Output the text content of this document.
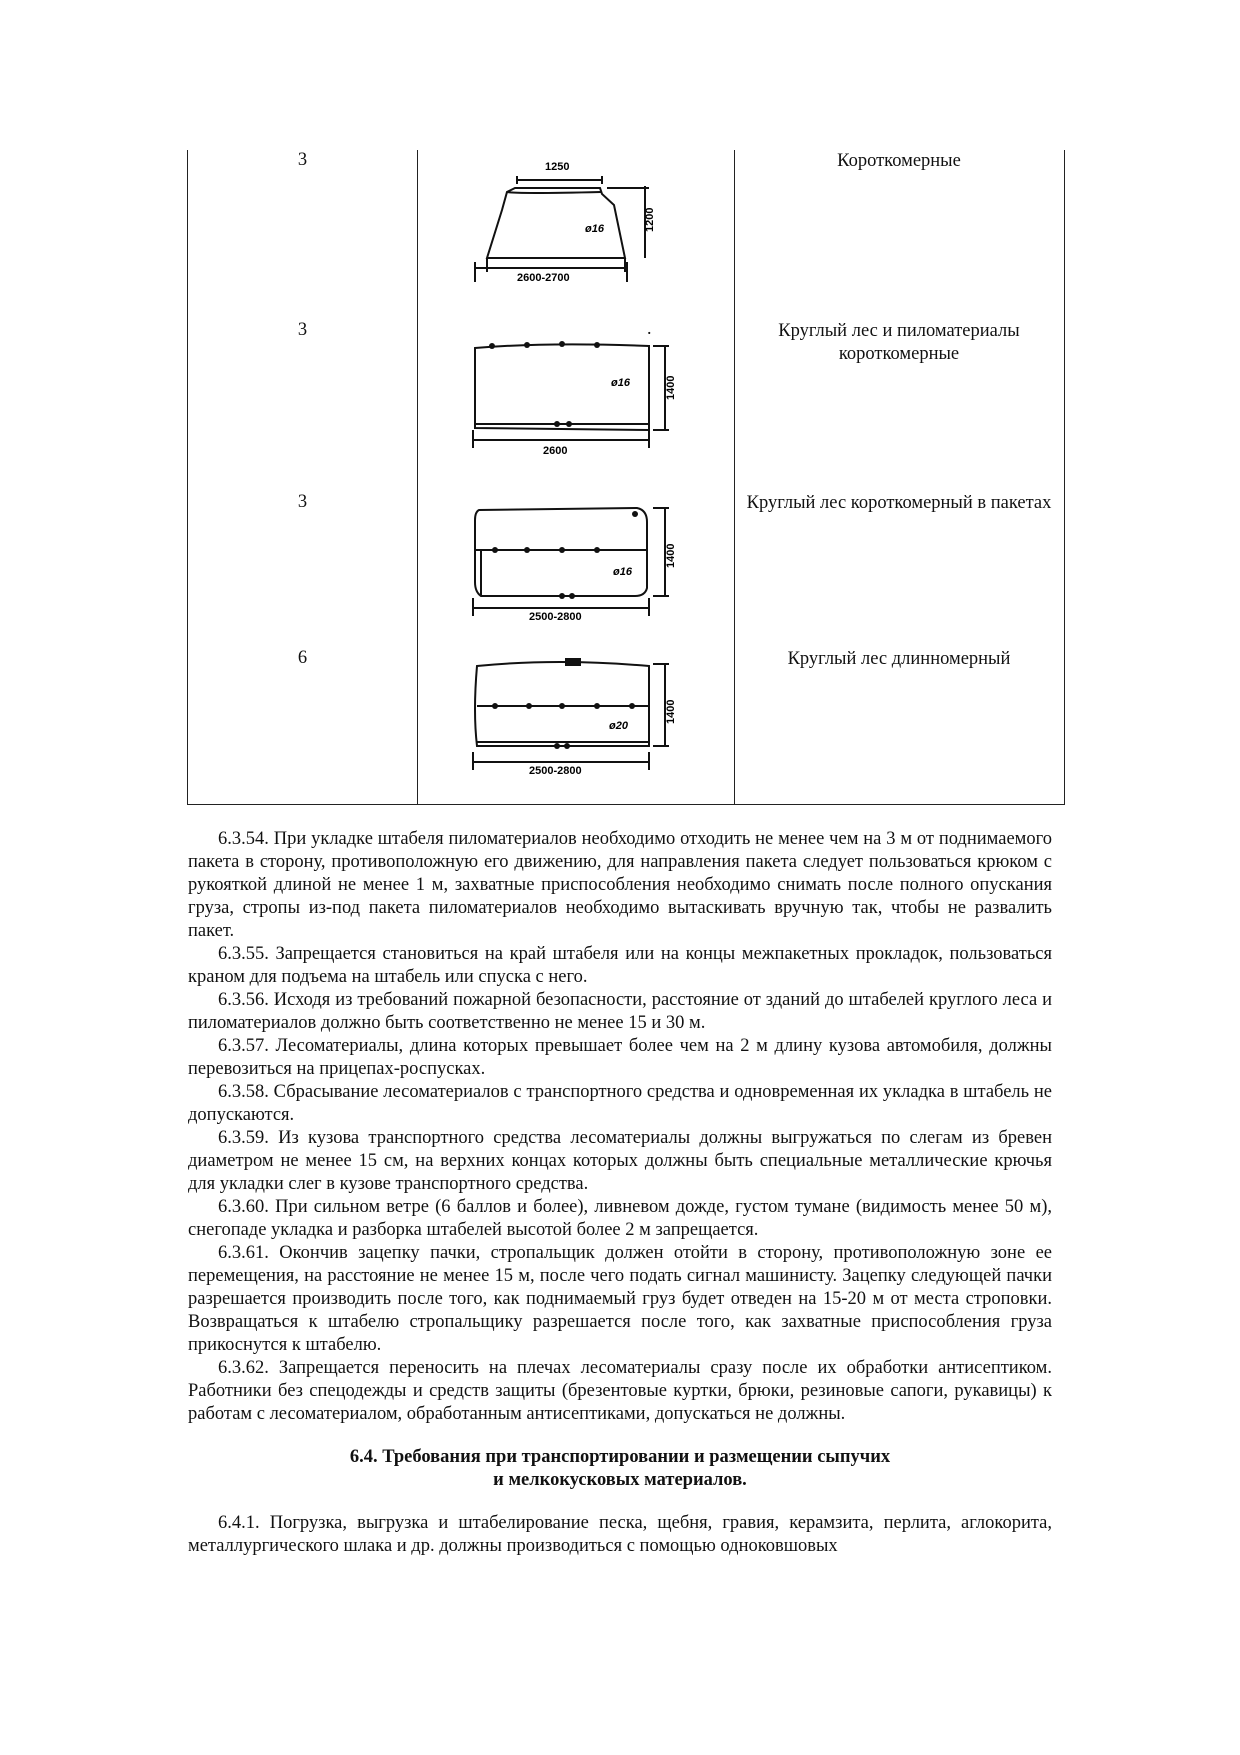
3	Короткомерные
1250
1200
ø16
2600-2700
3	Круглый лес и пиломатериалы короткомерные
.
1400
ø16
2600
3	Круглый лес короткомерный в пакетах
1400
ø16
2500-2800
6	Круглый лес длинномерный
1400
ø20
2500-2800

6.3.54. При укладке штабеля пиломатериалов необходимо отходить не менее чем на 3 м от поднимаемого пакета в сторону, противоположную его движению, для направления пакета следует пользоваться крюком с рукояткой длиной не менее 1 м, захватные приспособления необходимо снимать после полного опускания груза, стропы из-под пакета пиломатериалов необходимо вытаскивать вручную так, чтобы не развалить пакет.

6.3.55. Запрещается становиться на край штабеля или на концы межпакетных прокладок, пользоваться краном для подъема на штабель или спуска с него.

6.3.56. Исходя из требований пожарной безопасности, расстояние от зданий до штабелей круглого леса и пиломатериалов должно быть соответственно не менее 15 и 30 м.

6.3.57. Лесоматериалы, длина которых превышает более чем на 2 м длину кузова автомобиля, должны перевозиться на прицепах-роспусках.

6.3.58. Сбрасывание лесоматериалов с транспортного средства и одновременная их укладка в штабель не допускаются.

6.3.59. Из кузова транспортного средства лесоматериалы должны выгружаться по слегам из бревен диаметром не менее 15 см, на верхних концах которых должны быть специальные металлические крючья для укладки слег в кузове транспортного средства.

6.3.60. При сильном ветре (6 баллов и более), ливневом дожде, густом тумане (видимость менее 50 м), снегопаде укладка и разборка штабелей высотой более 2 м запрещается.

6.3.61. Окончив зацепку пачки, стропальщик должен отойти в сторону, противоположную зоне ее перемещения, на расстояние не менее 15 м, после чего подать сигнал машинисту. Зацепку следующей пачки разрешается производить после того, как поднимаемый груз будет отведен на 15-20 м от места строповки. Возвращаться к штабелю стропальщику разрешается после того, как захватные приспособления груза прикоснутся к штабелю.

6.3.62. Запрещается переносить на плечах лесоматериалы сразу после их обработки антисептиком. Работники без спецодежды и средств защиты (брезентовые куртки, брюки, резиновые сапоги, рукавицы) к работам с лесоматериалом, обработанным антисептиками, допускаться не должны.

6.4. Требования при транспортировании и размещении сыпучих
и мелкокусковых материалов.

6.4.1. Погрузка, выгрузка и штабелирование песка, щебня, гравия, керамзита, перлита, аглокорита, металлургического шлака и др. должны производиться с помощью одноковшовых
